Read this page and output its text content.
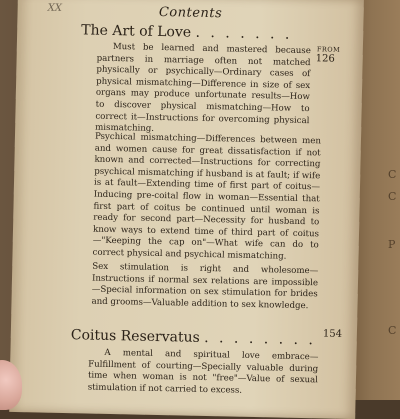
C
C
P
C
XX	Contents
The Art of Love . . . . . . .
FROM
126

Must be learned and mastered because partners in marriage often not matched physically or psychically—Ordinary cases of physical mismatching—Difference in size of sex organs may produce unfortunate results—How to discover physical mismatching—How to correct it—Instructions for overcoming physical mismatching.

Psychical mismatching—Differences between men and women cause for great dissatisfaction if not known and corrected—Instructions for correcting psychical mismatching if husband is at fault; if wife is at fault—Extending time of first part of coitus—Inducing pre-coital flow in woman—Essential that first part of coitus be continued until woman is ready for second part—Necessity for husband to know ways to extend time of third part of coitus—"Keeping the cap on"—What wife can do to correct physical and psychical mismatching.

Sex stimulation is right and wholesome—Instructions if normal sex relations are impossible—Special information on sex stimulation for brides and grooms—Valuable addition to sex knowledge.

Coitus Reservatus . . . . . . . . 154

A mental and spiritual love embrace—Fulfillment of courting—Specially valuable during time when woman is not "free"—Value of sexual stimulation if not carried to excess.
